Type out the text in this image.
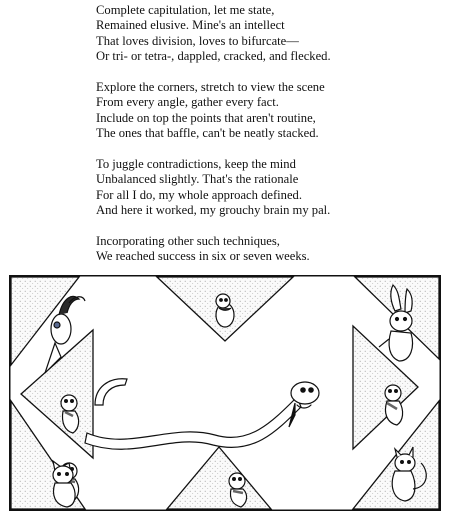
Complete capitulation, let me state,
Remained elusive. Mine's an intellect
That loves division, loves to bifurcate—
Or tri- or tetra-, dappled, cracked, and flecked.
Explore the corners, stretch to view the scene
From every angle, gather every fact.
Include on top the points that aren't routine,
The ones that baffle, can't be neatly stacked.
To juggle contradictions, keep the mind
Unbalanced slightly. That's the rationale
For all I do, my whole approach defined.
And here it worked, my grouchy brain my pal.
Incorporating other such techniques,
We reached success in six or seven weeks.
